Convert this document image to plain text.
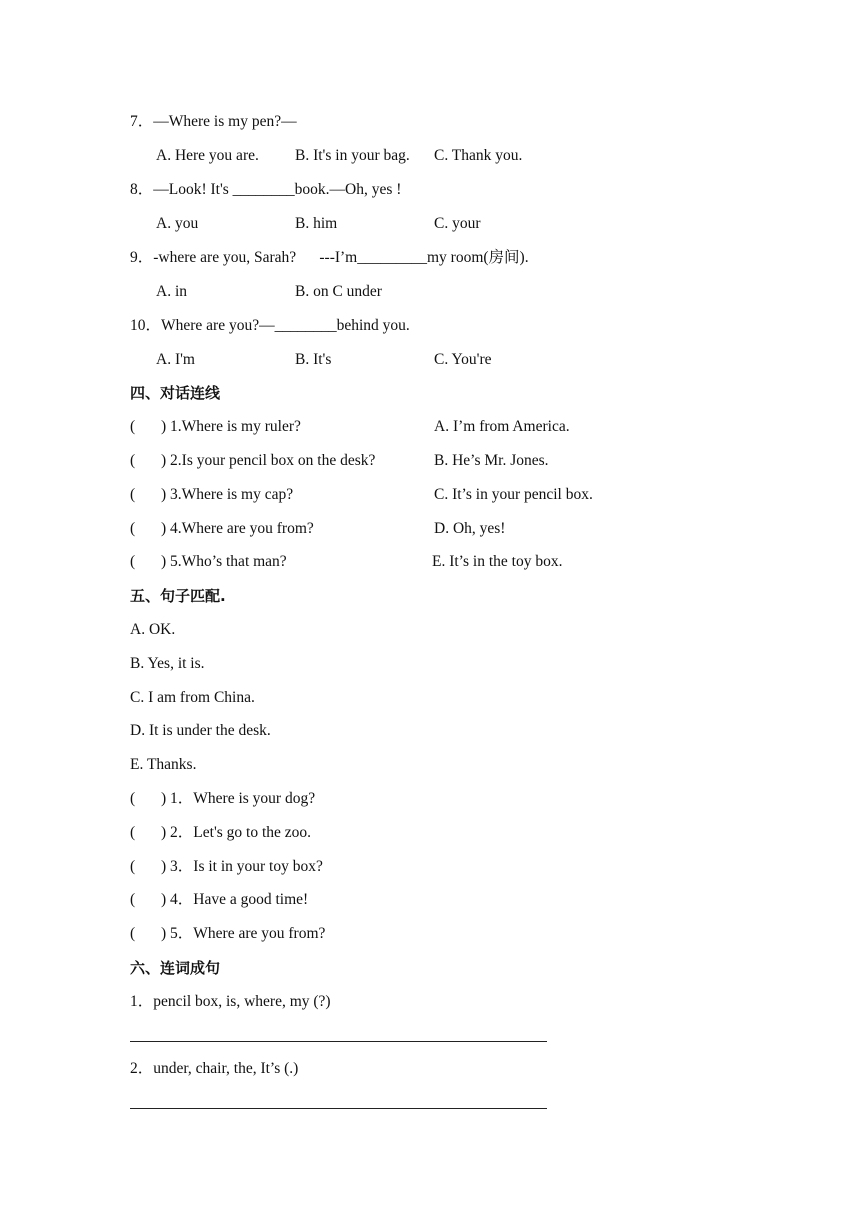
7．—Where is my pen?—
A. Here you are. B. It's in your bag. C. Thank you.
8．—Look! It's ________book.—Oh, yes !
A. you	B. him	C. your
9．-where are you, Sarah?      ---I’m_________my room(房间).
A. in	B. on C under
10．Where are you?—________behind you.
A. I'm	B. It's	C. You're
四、对话连线
( ) 1.Where is my ruler?	A. I’m from America.
( ) 2.Is your pencil box on the desk?	B. He’s Mr. Jones.
( ) 3.Where is my cap?	C. It’s in your pencil box.
( ) 4.Where are you from?	D. Oh, yes!
( ) 5.Who’s that man?	E. It’s in the toy box.
五、句子匹配.
A. OK.
B. Yes, it is.
C. I am from China.
D. It is under the desk.
E. Thanks.
( ) 1．Where is your dog?
( ) 2．Let's go to the zoo.
( ) 3．Is it in your toy box?
( ) 4．Have a good time!
( ) 5．Where are you from?
六、连词成句
1．pencil box, is, where, my (?)
2．under, chair, the, It’s (.)
